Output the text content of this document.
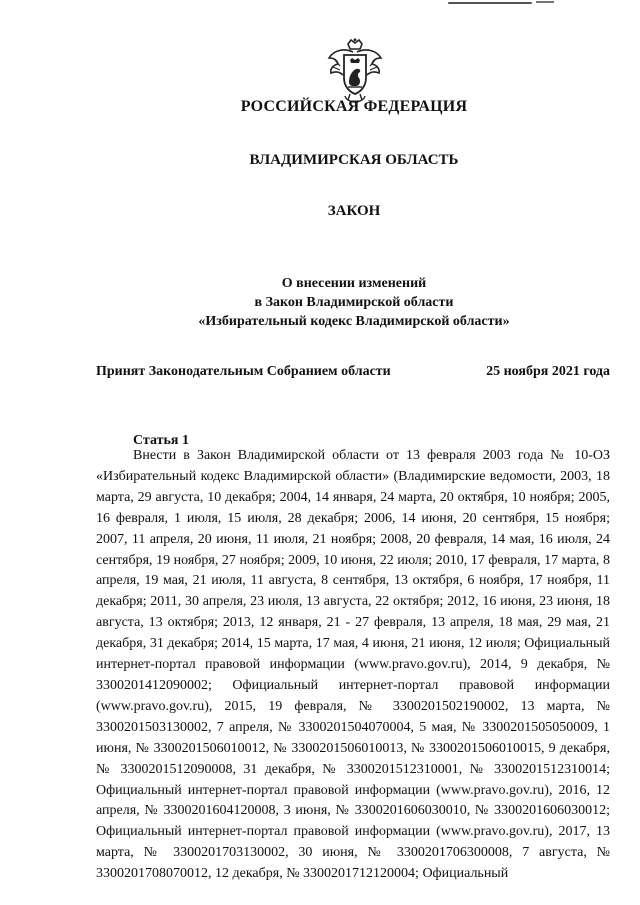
РОССИЙСКАЯ ФЕДЕРАЦИЯ
ВЛАДИМИРСКАЯ ОБЛАСТЬ
ЗАКОН
О внесении изменений
в Закон Владимирской области
«Избирательный кодекс Владимирской области»
Принят Законодательным Собранием области	25 ноября 2021 года
Статья 1

Внести в Закон Владимирской области от 13 февраля 2003 года № 10-ОЗ «Избирательный кодекс Владимирской области» (Владимирские ведомости, 2003, 18 марта, 29 августа, 10 декабря; 2004, 14 января, 24 марта, 20 октября, 10 ноября; 2005, 16 февраля, 1 июля, 15 июля, 28 декабря; 2006, 14 июня, 20 сентября, 15 ноября; 2007, 11 апреля, 20 июня, 11 июля, 21 ноября; 2008, 20 февраля, 14 мая, 16 июля, 24 сентября, 19 ноября, 27 ноября; 2009, 10 июня, 22 июля; 2010, 17 февраля, 17 марта, 8 апреля, 19 мая, 21 июля, 11 августа, 8 сентября, 13 октября, 6 ноября, 17 ноября, 11 декабря; 2011, 30 апреля, 23 июля, 13 августа, 22 октября; 2012, 16 июня, 23 июня, 18 августа, 13 октября; 2013, 12 января, 21 - 27 февраля, 13 апреля, 18 мая, 29 мая, 21 декабря, 31 декабря; 2014, 15 марта, 17 мая, 4 июня, 21 июня, 12 июля; Официальный интернет-портал правовой информации (www.pravo.gov.ru), 2014, 9 декабря, № 3300201412090002; Официальный интернет-портал правовой информации (www.pravo.gov.ru), 2015, 19 февраля, № 3300201502190002, 13 марта, № 3300201503130002, 7 апреля, № 3300201504070004, 5 мая, № 3300201505050009, 1 июня, № 3300201506010012, № 3300201506010013, № 3300201506010015, 9 декабря, № 3300201512090008, 31 декабря, № 3300201512310001, № 3300201512310014; Официальный интернет-портал правовой информации (www.pravo.gov.ru), 2016, 12 апреля, № 3300201604120008, 3 июня, № 3300201606030010, № 3300201606030012; Официальный интернет-портал правовой информации (www.pravo.gov.ru), 2017, 13 марта, № 3300201703130002, 30 июня, № 3300201706300008, 7 августа, № 3300201708070012, 12 декабря, № 3300201712120004; Официальный
